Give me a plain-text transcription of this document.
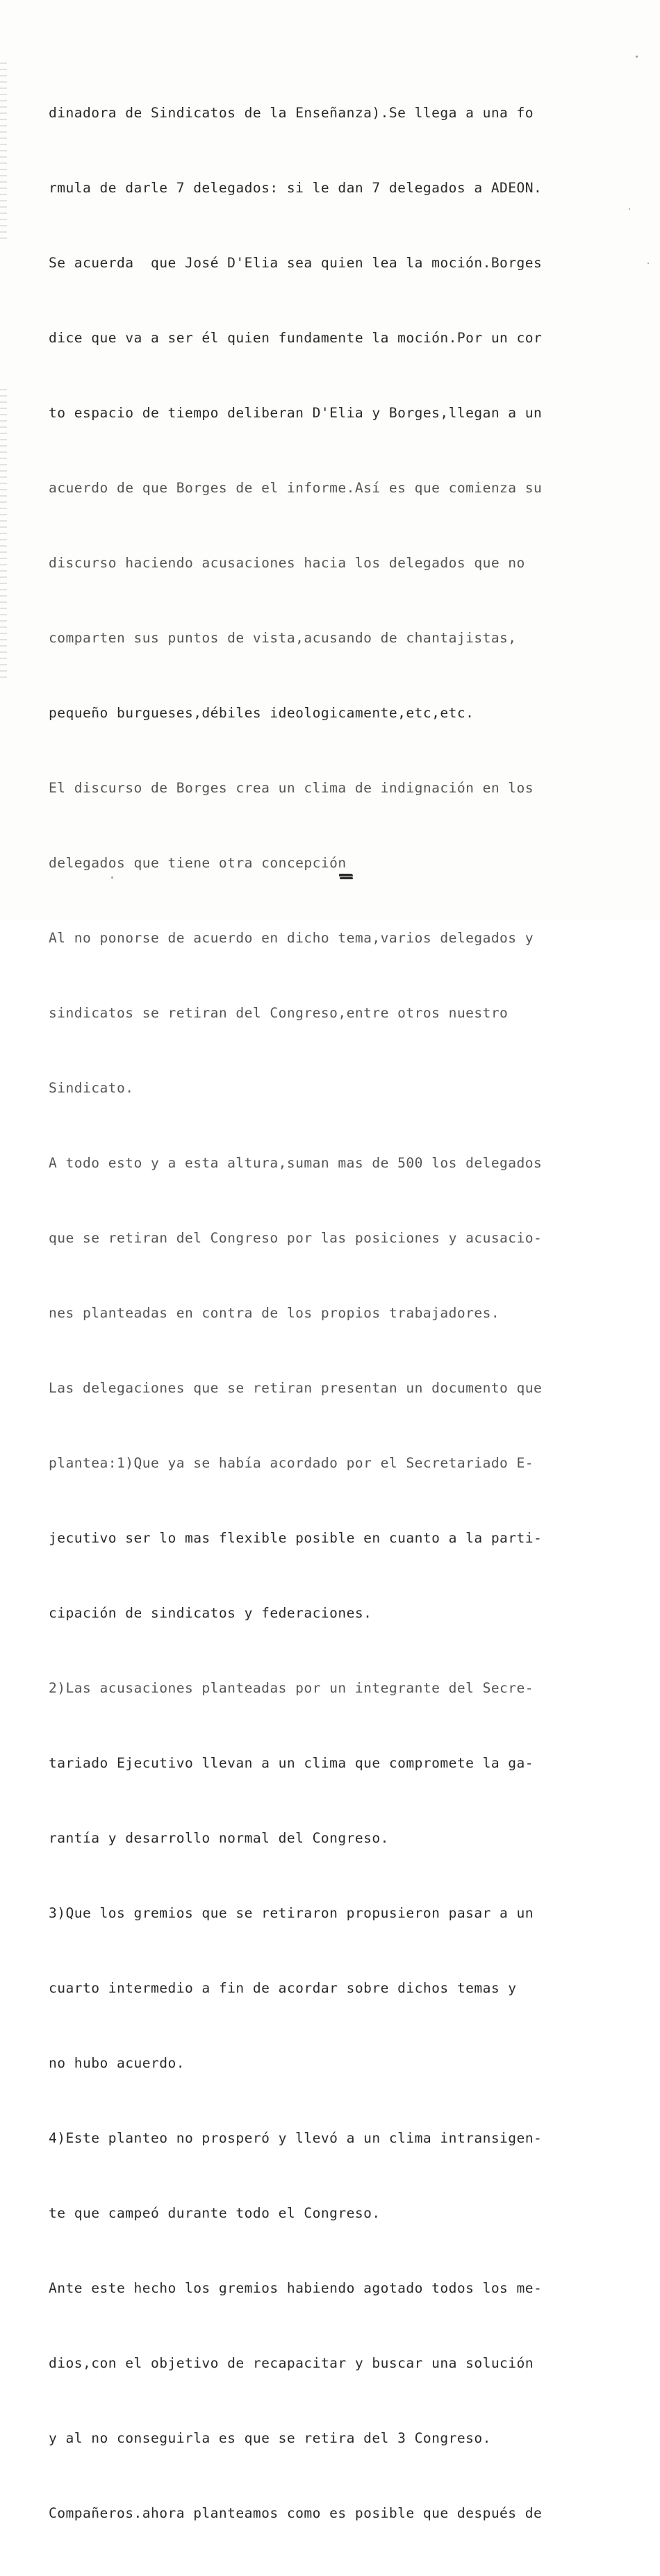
dinadora de Sindicatos de la Enseñanza).Se llega a una fo

rmula de darle 7 delegados: si le dan 7 delegados a ADEON.

Se acuerda  que José D'Elia sea quien lea la moción.Borges

dice que va a ser él quien fundamente la moción.Por un cor

to espacio de tiempo deliberan D'Elia y Borges,llegan a un

acuerdo de que Borges de el informe.Así es que comienza su

discurso haciendo acusaciones hacia los delegados que no

comparten sus puntos de vista,acusando de chantajistas,

pequeño burgueses,débiles ideologicamente,etc,etc.

El discurso de Borges crea un clima de indignación en los

delegados que tiene otra concepción

Al no ponorse de acuerdo en dicho tema,varios delegados y

sindicatos se retiran del Congreso,entre otros nuestro

Sindicato.

A todo esto y a esta altura,suman mas de 500 los delegados

que se retiran del Congreso por las posiciones y acusacio-

nes planteadas en contra de los propios trabajadores.

Las delegaciones que se retiran presentan un documento que

plantea:1)Que ya se había acordado por el Secretariado E-

jecutivo ser lo mas flexible posible en cuanto a la parti-

cipación de sindicatos y federaciones.

2)Las acusaciones planteadas por un integrante del Secre-

tariado Ejecutivo llevan a un clima que compromete la ga-

rantía y desarrollo normal del Congreso.

3)Que los gremios que se retiraron propusieron pasar a un

cuarto intermedio a fin de acordar sobre dichos temas y

no hubo acuerdo.

4)Este planteo no prosperó y llevó a un clima intransigen-

te que campeó durante todo el Congreso.

Ante este hecho los gremios habiendo agotado todos los me-

dios,con el objetivo de recapacitar y buscar una solución

y al no conseguirla es que se retira del 3 Congreso.

Compañeros.ahora planteamos como es posible que después de
